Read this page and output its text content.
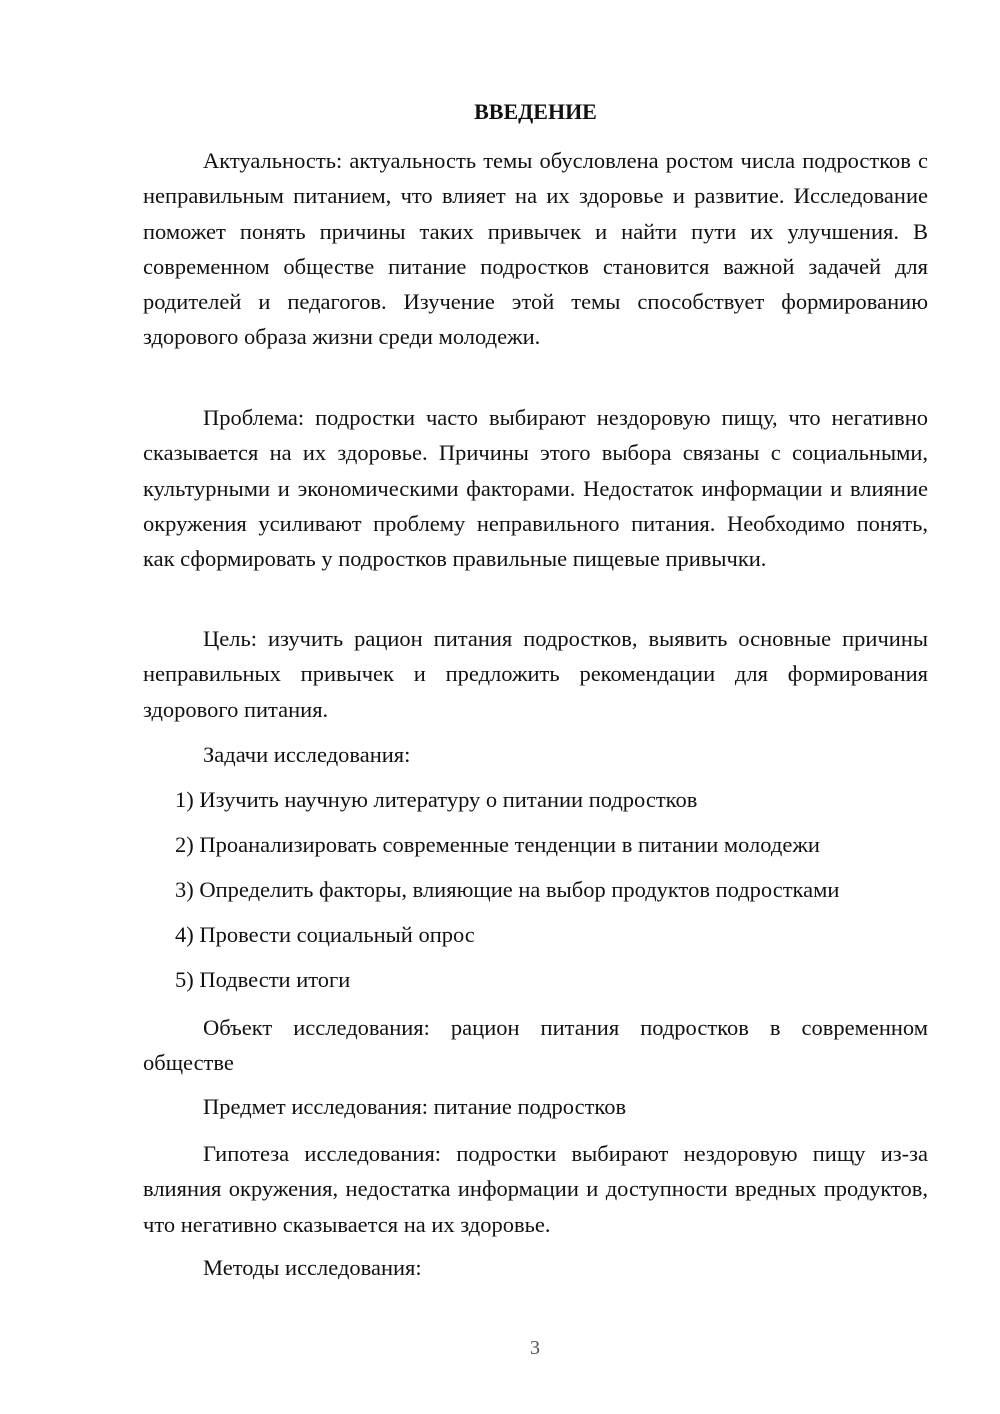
ВВЕДЕНИЕ

Актуальность: актуальность темы обусловлена ростом числа подростков с неправильным питанием, что влияет на их здоровье и развитие. Исследование поможет понять причины таких привычек и найти пути их улучшения. В современном обществе питание подростков становится важной задачей для родителей и педагогов. Изучение этой темы способствует формированию здорового образа жизни среди молодежи.

Проблема: подростки часто выбирают нездоровую пищу, что негативно сказывается на их здоровье. Причины этого выбора связаны с социальными, культурными и экономическими факторами. Недостаток информации и влияние окружения усиливают проблему неправильного питания. Необходимо понять, как сформировать у подростков правильные пищевые привычки.

Цель: изучить рацион питания подростков, выявить основные причины неправильных привычек и предложить рекомендации для формирования здорового питания.

Задачи исследования:

1) Изучить научную литературу о питании подростков

2) Проанализировать современные тенденции в питании молодежи

3) Определить факторы, влияющие на выбор продуктов подростками

4) Провести социальный опрос

5) Подвести итоги

Объект исследования: рацион питания подростков в современном обществе

Предмет исследования: питание подростков

Гипотеза исследования: подростки выбирают нездоровую пищу из-за влияния окружения, недостатка информации и доступности вредных продуктов, что негативно сказывается на их здоровье.

Методы исследования:

3
